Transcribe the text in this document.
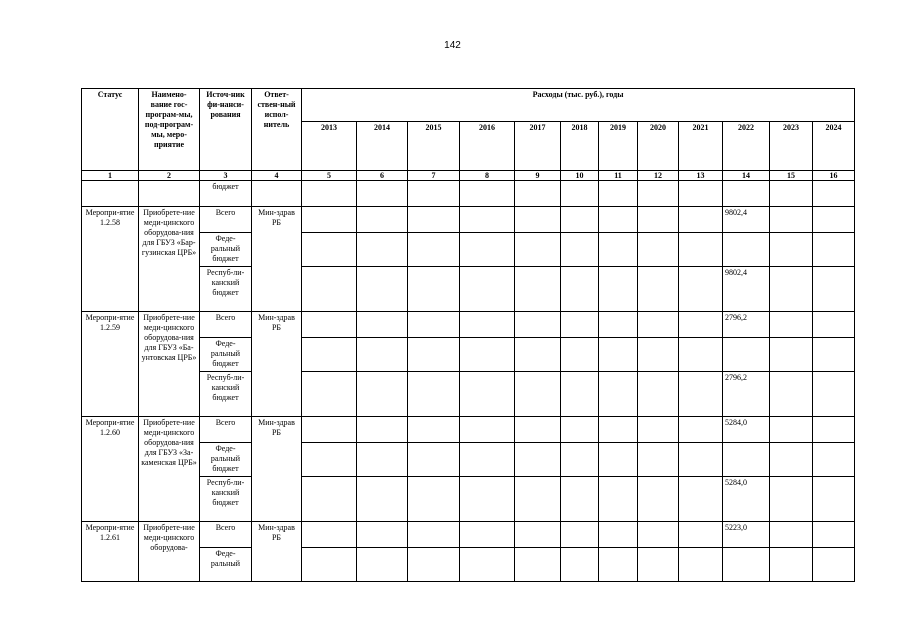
142
Статус	Наимено-вание гос-програм-мы, под-програм-мы, меро-приятие	Источ-ник фи-нанси-рования	Ответ-ствен-ный испол-нитель	Расходы (тыс. руб.), годы											
				2013	2014	2015	2016	2017	2018	2019	2020	2021	2022	2023	2024
1	2	3	4	5	6	7	8	9	10	11	12	13	14	15	16
		бюджет													
Меропри-ятие 1.2.58	Приобрете-ние меди-цинского оборудова-ния для ГБУЗ «Бар-гузинская ЦРБ»	Всего	Мин-здрав РБ										9802,4		
		Феде-ральный бюджет													
		Респуб-ли-канский бюджет											9802,4		
Меропри-ятие 1.2.59	Приобрете-ние меди-цинского оборудова-ния для ГБУЗ «Ба-унтовская ЦРБ»	Всего	Мин-здрав РБ										2796,2		
		Феде-ральный бюджет													
		Респуб-ли-канский бюджет											2796,2		
Меропри-ятие 1.2.60	Приобрете-ние меди-цинского оборудова-ния для ГБУЗ «За-каменская ЦРБ»	Всего	Мин-здрав РБ										5284,0		
		Феде-ральный бюджет													
		Респуб-ли-канский бюджет											5284,0		
Меропри-ятие 1.2.61	Приобрете-ние меди-цинского оборудова-	Всего	Мин-здрав РБ										5223,0		
		Феде-ральный													
